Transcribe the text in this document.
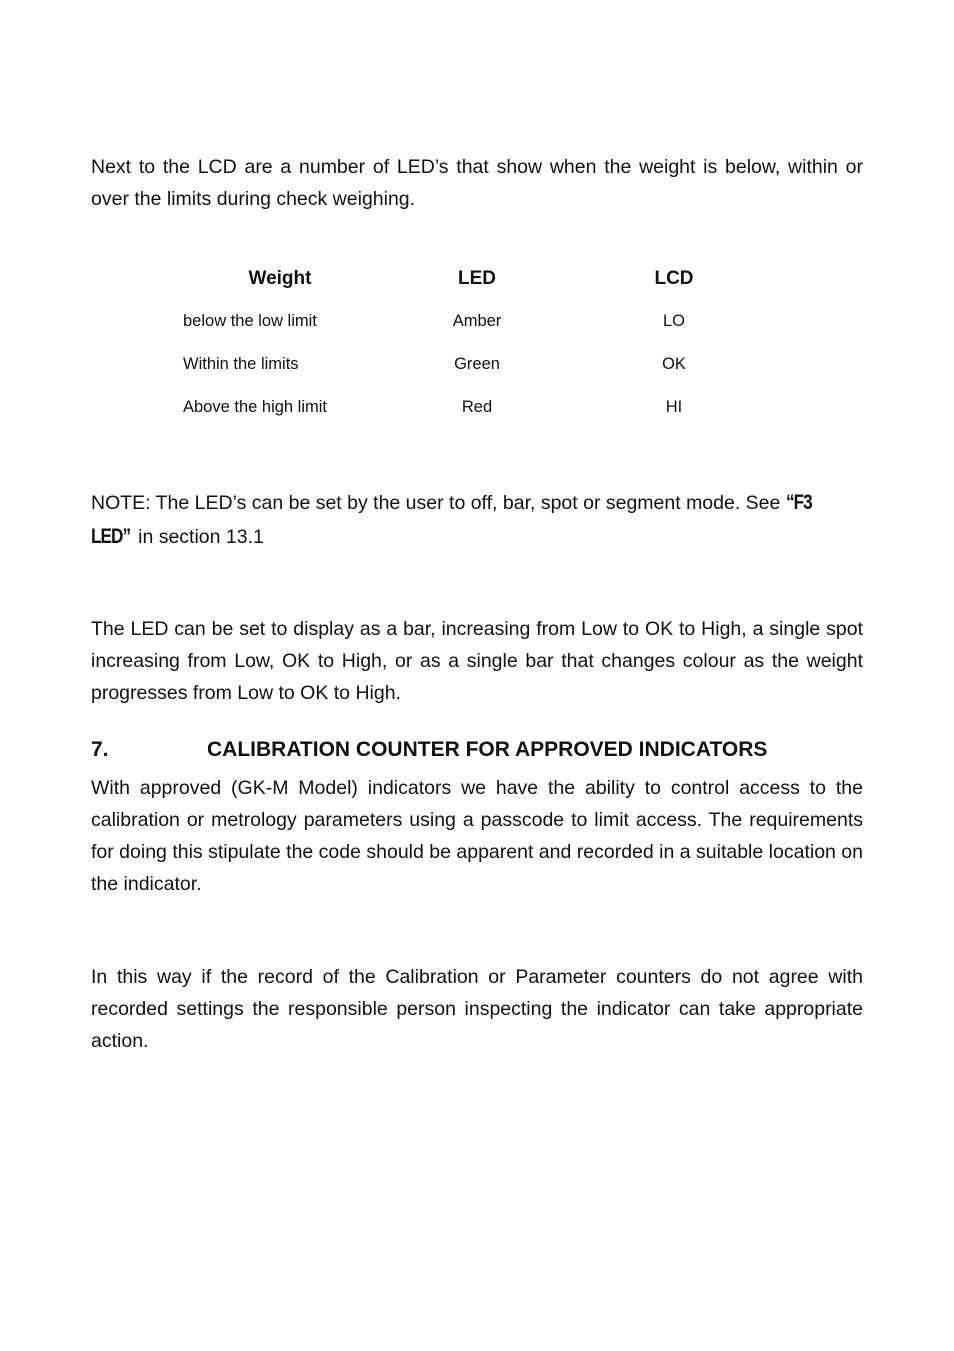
Next to the LCD are a number of LED’s that show when the weight is below, within or over the limits during check weighing.

Weight	LED	LCD
below the low limit	Amber	LO
Within the limits	Green	OK
Above the high limit	Red	HI

NOTE: The LED’s can be set by the user to off, bar, spot or segment mode. See “F3
LED” in section 13.1

The LED can be set to display as a bar, increasing from Low to OK to High, a single spot increasing from Low, OK to High, or as a single bar that changes colour as the weight progresses from Low to OK to High.

7.	CALIBRATION COUNTER FOR APPROVED INDICATORS

With approved (GK-M Model) indicators we have the ability to control access to the calibration or metrology parameters using a passcode to limit access. The requirements for doing this stipulate the code should be apparent and recorded in a suitable location on the indicator.

In this way if the record of the Calibration or Parameter counters do not agree with recorded settings the responsible person inspecting the indicator can take appropriate action.
